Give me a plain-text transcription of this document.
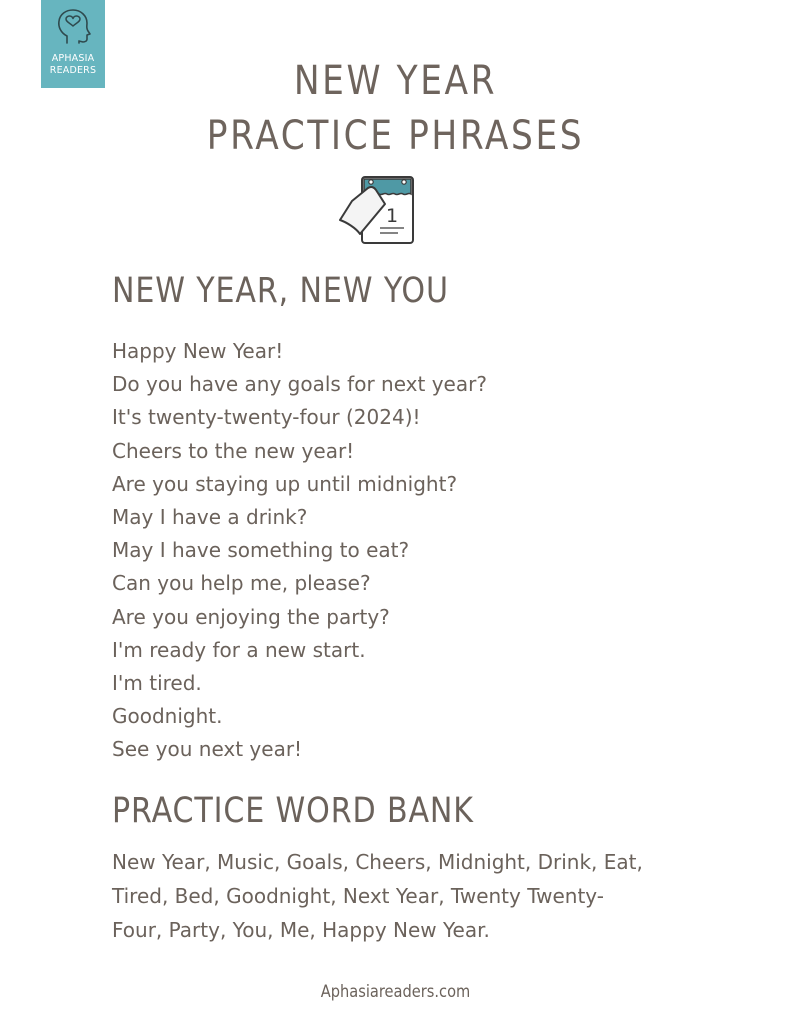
APHASIA
READERS	NEW YEAR
PRACTICE PHRASES
1
NEW YEAR, NEW YOU
Happy New Year!
Do you have any goals for next year?
It's twenty-twenty-four (2024)!
Cheers to the new year!
Are you staying up until midnight?
May I have a drink?
May I have something to eat?
Can you help me, please?
Are you enjoying the party?
I'm ready for a new start.
I'm tired.
Goodnight.
See you next year!
PRACTICE WORD BANK

New Year, Music, Goals, Cheers, Midnight, Drink, Eat, Tired, Bed, Goodnight, Next Year, Twenty Twenty-Four, Party, You, Me, Happy New Year.

Aphasiareaders.com
